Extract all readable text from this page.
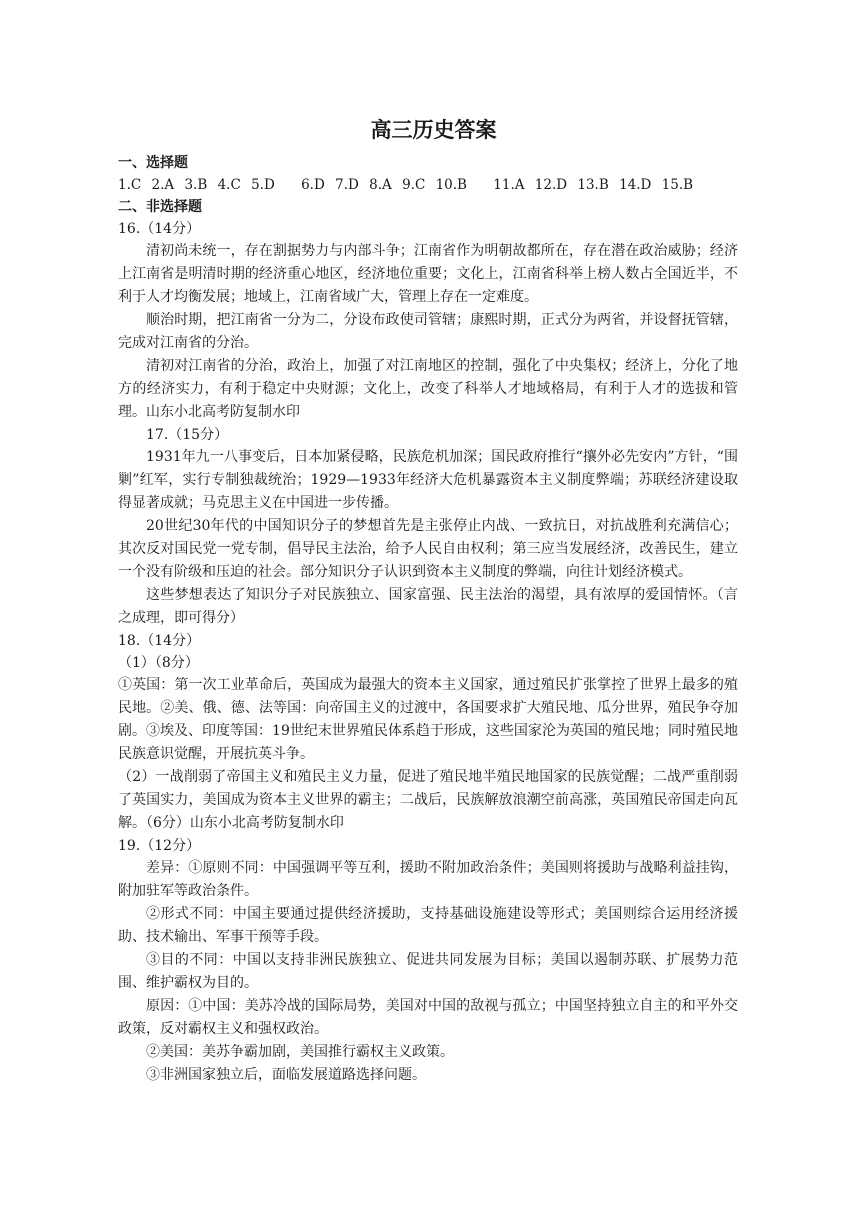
高三历史答案
一、选择题
1.C 2.A 3.B 4.C 5.D 6.D 7.D 8.A 9.C 10.B 11.A 12.D 13.B 14.D 15.B
二、非选择题
16.（14分）
清初尚未统一，存在割据势力与内部斗争；江南省作为明朝故都所在，存在潜在政治威胁；经济上江南省是明清时期的经济重心地区，经济地位重要；文化上，江南省科举上榜人数占全国近半，不利于人才均衡发展；地域上，江南省域广大，管理上存在一定难度。
顺治时期，把江南省一分为二，分设布政使司管辖；康熙时期，正式分为两省，并设督抚管辖，完成对江南省的分治。
清初对江南省的分治，政治上，加强了对江南地区的控制，强化了中央集权；经济上，分化了地方的经济实力，有利于稳定中央财源；文化上，改变了科举人才地域格局，有利于人才的选拔和管理。山东小北高考防复制水印
17.（15分）
1931年九一八事变后，日本加紧侵略，民族危机加深；国民政府推行“攘外必先安内”方针，“围剿”红军，实行专制独裁统治；1929—1933年经济大危机暴露资本主义制度弊端；苏联经济建设取得显著成就；马克思主义在中国进一步传播。
20世纪30年代的中国知识分子的梦想首先是主张停止内战、一致抗日，对抗战胜利充满信心；其次反对国民党一党专制，倡导民主法治，给予人民自由权利；第三应当发展经济，改善民生，建立一个没有阶级和压迫的社会。部分知识分子认识到资本主义制度的弊端，向往计划经济模式。
这些梦想表达了知识分子对民族独立、国家富强、民主法治的渴望，具有浓厚的爱国情怀。（言之成理，即可得分）
18.（14分）
（1）（8分）
①英国：第一次工业革命后，英国成为最强大的资本主义国家，通过殖民扩张掌控了世界上最多的殖民地。②美、俄、德、法等国：向帝国主义的过渡中，各国要求扩大殖民地、瓜分世界，殖民争夺加剧。③埃及、印度等国：19世纪末世界殖民体系趋于形成，这些国家沦为英国的殖民地；同时殖民地民族意识觉醒，开展抗英斗争。
（2）一战削弱了帝国主义和殖民主义力量，促进了殖民地半殖民地国家的民族觉醒；二战严重削弱了英国实力，美国成为资本主义世界的霸主；二战后，民族解放浪潮空前高涨，英国殖民帝国走向瓦解。（6分）山东小北高考防复制水印
19.（12分）
差异：①原则不同：中国强调平等互利，援助不附加政治条件；美国则将援助与战略利益挂钩，附加驻军等政治条件。
②形式不同：中国主要通过提供经济援助，支持基础设施建设等形式；美国则综合运用经济援助、技术输出、军事干预等手段。
③目的不同：中国以支持非洲民族独立、促进共同发展为目标；美国以遏制苏联、扩展势力范围、维护霸权为目的。
原因：①中国：美苏冷战的国际局势，美国对中国的敌视与孤立；中国坚持独立自主的和平外交政策，反对霸权主义和强权政治。
②美国：美苏争霸加剧，美国推行霸权主义政策。
③非洲国家独立后，面临发展道路选择问题。
